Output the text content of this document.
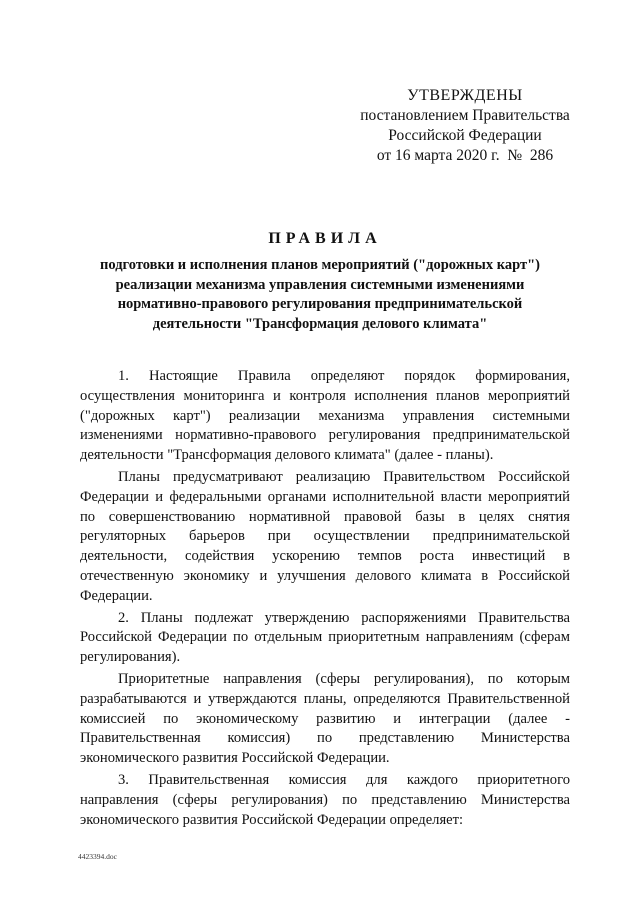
УТВЕРЖДЕНЫ
постановлением Правительства
Российской Федерации
от 16 марта 2020 г.  №  286
ПРАВИЛА
подготовки и исполнения планов мероприятий ("дорожных карт")
реализации механизма управления системными изменениями
нормативно-правового регулирования предпринимательской
деятельности "Трансформация делового климата"

1. Настоящие Правила определяют порядок формирования, осуществления мониторинга и контроля исполнения планов мероприятий ("дорожных карт") реализации механизма управления системными изменениями нормативно-правового регулирования предпринимательской деятельности "Трансформация делового климата" (далее - планы).

Планы предусматривают реализацию Правительством Российской Федерации и федеральными органами исполнительной власти мероприятий по совершенствованию нормативной правовой базы в целях снятия регуляторных барьеров при осуществлении предпринимательской деятельности, содействия ускорению темпов роста инвестиций в отечественную экономику и улучшения делового климата в Российской Федерации.

2. Планы подлежат утверждению распоряжениями Правительства Российской Федерации по отдельным приоритетным направлениям (сферам регулирования).

Приоритетные направления (сферы регулирования), по которым разрабатываются и утверждаются планы, определяются Правительственной комиссией по экономическому развитию и интеграции (далее - Правительственная комиссия) по представлению Министерства экономического развития Российской Федерации.

3. Правительственная комиссия для каждого приоритетного направления (сферы регулирования) по представлению Министерства экономического развития Российской Федерации определяет:

4423394.doc
